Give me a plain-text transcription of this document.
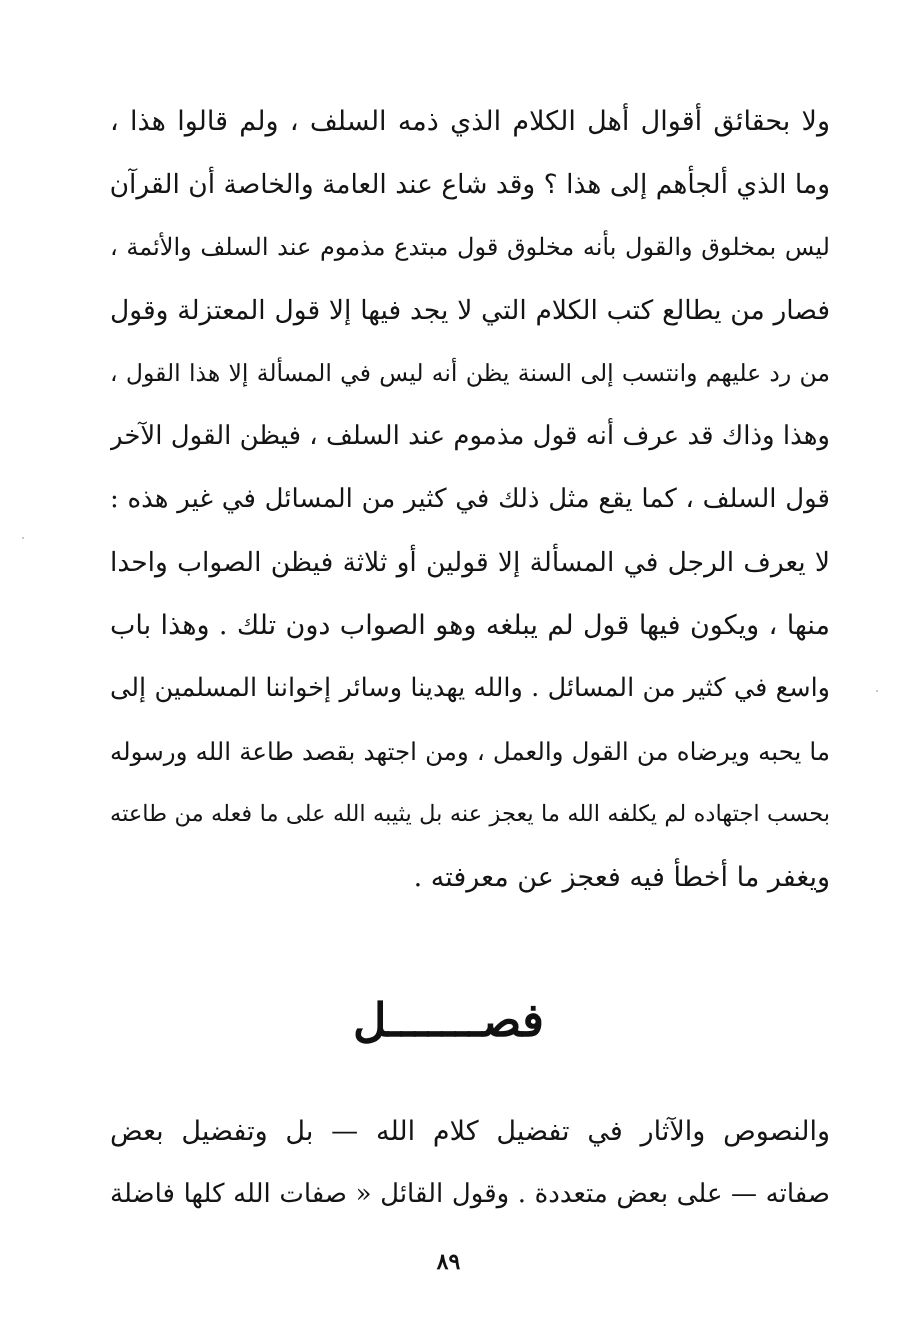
ولا بحقائق أقوال أهل الكلام الذي ذمه السلف ، ولم قالوا هذا ،
وما الذي ألجأهم إلى هذا ؟ وقد شاع عند العامة والخاصة أن القرآن
ليس بمخلوق والقول بأنه مخلوق قول مبتدع مذموم عند السلف والأئمة ،
فصار من يطالع كتب الكلام التي لا يجد فيها إلا قول المعتزلة وقول
من رد عليهم وانتسب إلى السنة يظن أنه ليس في المسألة إلا هذا القول ،
وهذا وذاك قد عرف أنه قول مذموم عند السلف ، فيظن القول الآخر
قول السلف ، كما يقع مثل ذلك في كثير من المسائل في غير هذه :
لا يعرف الرجل في المسألة إلا قولين أو ثلاثة فيظن الصواب واحدا
منها ، ويكون فيها قول لم يبلغه وهو الصواب دون تلك . وهذا باب
واسع في كثير من المسائل . والله يهدينا وسائر إخواننا المسلمين إلى
ما يحبه ويرضاه من القول والعمل ، ومن اجتهد بقصد طاعة الله ورسوله
بحسب اجتهاده لم يكلفه الله ما يعجز عنه بل يثيبه الله على ما فعله من طاعته
ويغفر ما أخطأ فيه فعجز عن معرفته .
فصـــــــل
والنصوص والآثار في تفضيل كلام الله — بل وتفضيل بعض
صفاته — على بعض متعددة . وقول القائل « صفات الله كلها فاضلة
٨٩
